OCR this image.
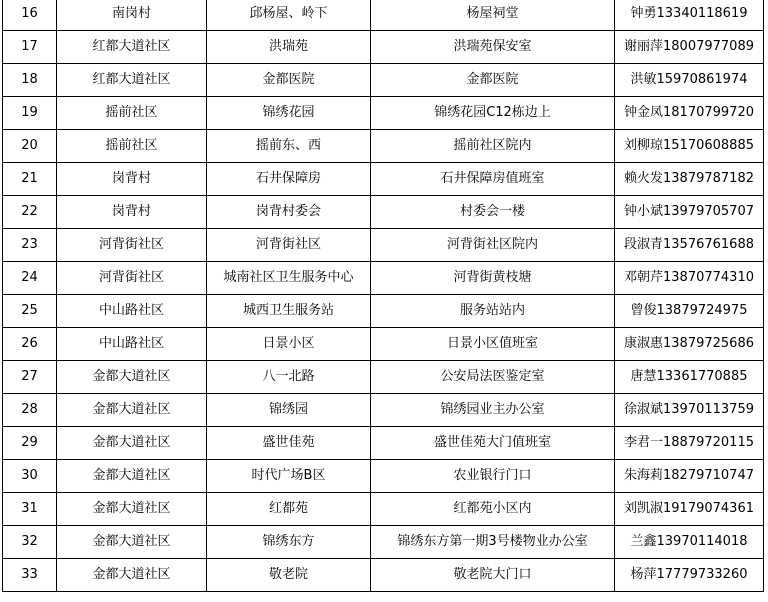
16	南岗村	邱杨屋、岭下	杨屋祠堂	钟勇13340118619
17	红都大道社区	洪瑞苑	洪瑞苑保安室	谢丽萍18007977089
18	红都大道社区	金都医院	金都医院	洪敏15970861974
19	摇前社区	锦绣花园	锦绣花园C12栋边上	钟金凤18170799720
20	摇前社区	摇前东、西	摇前社区院内	刘柳琼15170608885
21	岗背村	石井保障房	石井保障房值班室	赖火发13879787182
22	岗背村	岗背村委会	村委会一楼	钟小斌13979705707
23	河背街社区	河背街社区	河背街社区院内	段淑青13576761688
24	河背街社区	城南社区卫生服务中心	河背街黄枝塘	邓朝芹13870774310
25	中山路社区	城西卫生服务站	服务站站内	曾俊13879724975
26	中山路社区	日景小区	日景小区值班室	康淑惠13879725686
27	金都大道社区	八一北路	公安局法医鉴定室	唐慧13361770885
28	金都大道社区	锦绣园	锦绣园业主办公室	徐淑斌13970113759
29	金都大道社区	盛世佳苑	盛世佳苑大门值班室	李君一18879720115
30	金都大道社区	时代广场B区	农业银行门口	朱海莉18279710747
31	金都大道社区	红都苑	红都苑小区内	刘凯淑19179074361
32	金都大道社区	锦绣东方	锦绣东方第一期3号楼物业办公室	兰鑫13970114018
33	金都大道社区	敬老院	敬老院大门口	杨萍17779733260
